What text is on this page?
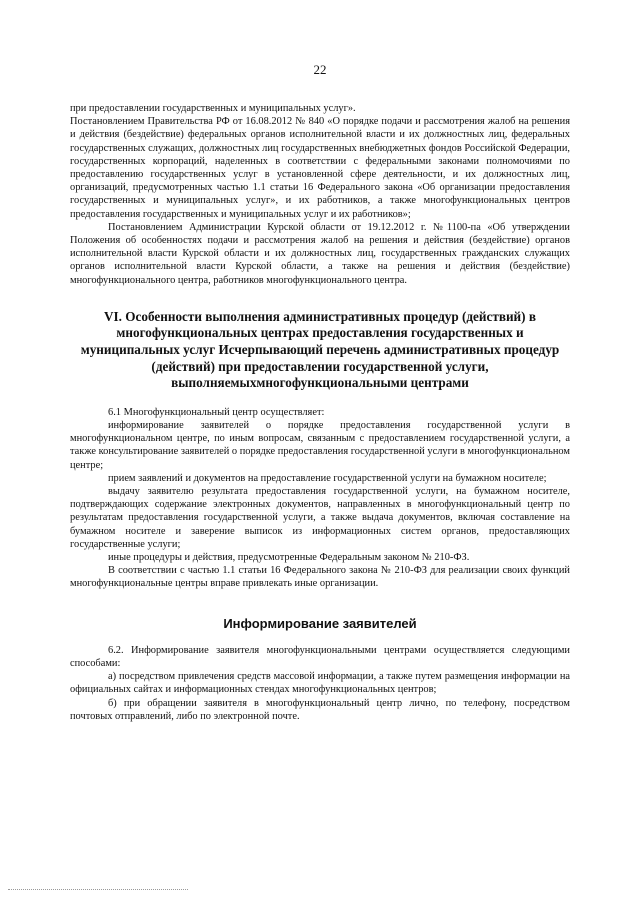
22

при предоставлении государственных и муниципальных услуг».

Постановлением Правительства РФ от 16.08.2012 № 840 «О порядке подачи и рассмотрения жалоб на решения и действия (бездействие) федеральных органов исполнительной власти и их должностных лиц, федеральных государственных служащих, должностных лиц государственных внебюджетных фондов Российской Федерации, государственных корпораций, наделенных в соответствии с федеральными законами полномочиями по предоставлению государственных услуг в установленной сфере деятельности, и их должностных лиц, организаций, предусмотренных частью 1.1 статьи 16 Федерального закона «Об организации предоставления государственных и муниципальных услуг», и их работников, а также многофункциональных центров предоставления государственных и муниципальных услуг и их работников»;

Постановлением Администрации Курской области от 19.12.2012 г. №1100-па «Об утверждении Положения об особенностях подачи и рассмотрения жалоб на решения и действия (бездействие) органов исполнительной власти Курской области и их должностных лиц, государственных гражданских служащих органов исполнительной власти Курской области, а также на решения и действия (бездействие) многофункционального центра, работников многофункционального центра.

VI. Особенности выполнения административных процедур (действий) в многофункциональных центрах предоставления государственных и муниципальных услуг Исчерпывающий перечень административных процедур (действий) при предоставлении государственной услуги, выполняемыхмногофункциональными центрами

6.1 Многофункциональный центр осуществляет:

информирование заявителей о порядке предоставления государственной услуги в многофункциональном центре, по иным вопросам, связанным с предоставлением государственной услуги, а также консультирование заявителей о порядке предоставления государственной услуги в многофункциональном центре;

прием заявлений и документов на предоставление государственной услуги на бумажном носителе;

выдачу заявителю результата предоставления государственной услуги, на бумажном носителе, подтверждающих содержание электронных документов, направленных в многофункциональный центр по результатам предоставления государственной услуги, а также выдача документов, включая составление на бумажном носителе и заверение выписок из информационных систем органов, предоставляющих государственные услуги;

иные процедуры и действия, предусмотренные Федеральным законом № 210-ФЗ.

В соответствии с частью 1.1 статьи 16 Федерального закона № 210-ФЗ для реализации своих функций многофункциональные центры вправе привлекать иные организации.

Информирование заявителей

6.2. Информирование заявителя многофункциональными центрами осуществляется следующими способами:

а) посредством привлечения средств массовой информации, а также путем размещения информации на официальных сайтах и информационных стендах многофункциональных центров;

б) при обращении заявителя в многофункциональный центр лично, по телефону, посредством почтовых отправлений, либо по электронной почте.
